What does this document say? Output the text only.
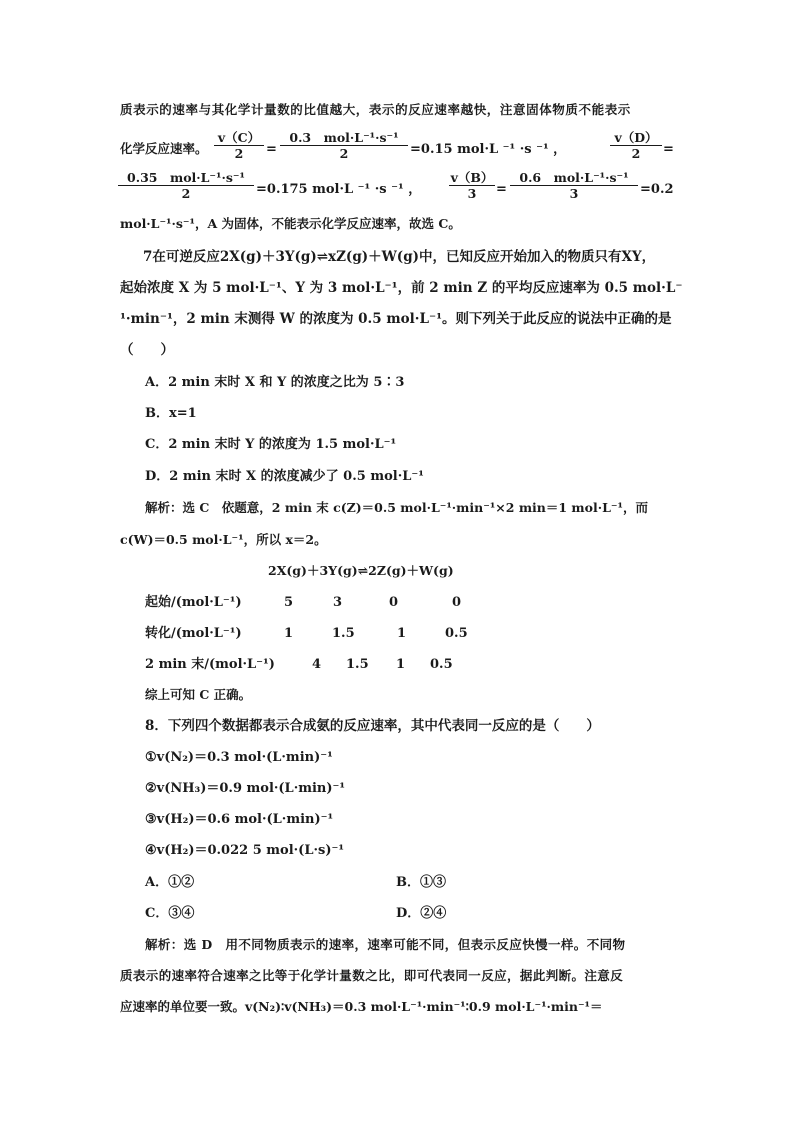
质表示的速率与其化学计量数的比值越大，表示的反应速率越快，注意固体物质不能表示
化学反应速率。
v（C）
2	=
0.3　mol·L⁻¹·s⁻¹
2	=0.15 mol·L ⁻¹ ·s ⁻¹ ，
v（D）
2	=
0.35　mol·L⁻¹·s⁻¹
2	=0.175 mol·L ⁻¹ ·s ⁻¹ ，
v（B）
3	=
0.6　mol·L⁻¹·s⁻¹
3	=0.2
mol·L⁻¹·s⁻¹，A 为固体，不能表示化学反应速率，故选 C。
7在可逆反应2X(g)＋3Y(g)⇌xZ(g)＋W(g)中，已知反应开始加入的物质只有XY，
起始浓度 X 为 5 mol·L⁻¹、Y 为 3 mol·L⁻¹，前 2 min Z 的平均反应速率为 0.5 mol·L⁻
¹·min⁻¹，2 min 末测得 W 的浓度为 0.5 mol·L⁻¹。则下列关于此反应的说法中正确的是
（　　）
A．2 min 末时 X 和 Y 的浓度之比为 5∶3
B．x=1
C．2 min 末时 Y 的浓度为 1.5 mol·L⁻¹
D．2 min 末时 X 的浓度减少了 0.5 mol·L⁻¹
解析：选 C　依题意，2 min 末 c(Z)＝0.5 mol·L⁻¹·min⁻¹×2 min＝1 mol·L⁻¹，而
c(W)＝0.5 mol·L⁻¹，所以 x＝2。
2X(g)＋3Y(g)⇌2Z(g)＋W(g)
起始/(mol·L⁻¹)	5	3	0	0
转化/(mol·L⁻¹)	1	1.5	1	0.5
2 min 末/(mol·L⁻¹)	4 1.5 1 0.5
综上可知 C 正确。
8．下列四个数据都表示合成氨的反应速率，其中代表同一反应的是（　　）
①v(N₂)＝0.3 mol·(L·min)⁻¹
②v(NH₃)＝0.9 mol·(L·min)⁻¹
③v(H₂)＝0.6 mol·(L·min)⁻¹
④v(H₂)＝0.022 5 mol·(L·s)⁻¹
A．①②	B．①③
C．③④	D．②④
解析：选 D　用不同物质表示的速率，速率可能不同，但表示反应快慢一样。不同物
质表示的速率符合速率之比等于化学计量数之比，即可代表同一反应，据此判断。注意反
应速率的单位要一致。v(N₂)∶v(NH₃)＝0.3 mol·L⁻¹·min⁻¹∶0.9 mol·L⁻¹·min⁻¹＝
